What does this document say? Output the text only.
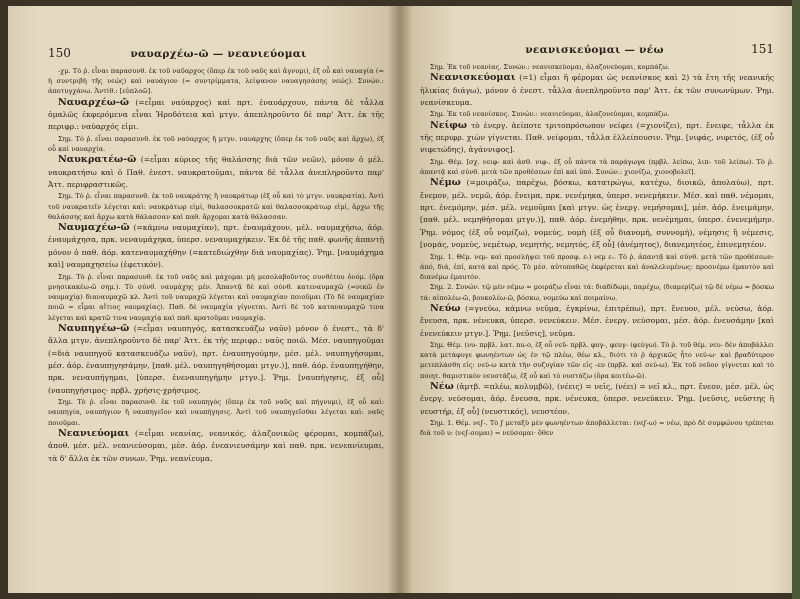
150	ναυαρχέω-ῶ — νεανιεύομαι

-χμ. Τὸ ῥ. εἶναι παρασυνθ. ἐκ τοῦ ναῦαρχος (ὅπερ ἐκ τοῦ ναῦς καὶ ἄγνυμι), ἐξ οὗ καὶ ναυαγία (= ἡ συντριβὴ τῆς νεώς) καὶ ναυάγιον (= συντρίμματα, λείψανον ναυαγησάσης νεώς). Συνών.: ἀποτυγχάνω. Ἀντίθ.: [εὐπλοῶ].

Ναυαρχέω-ῶ (=εἶμαι ναύαρχος) καὶ πρτ. ἐναυάρχουν, πάντα δὲ τἆλλα ὁμαλῶς ἐκφερόμενα εἶναι Ἡροδότεια καὶ μτγν. ἀπεπληροῦντο δὲ παρ' Ἀττ. ἐκ τῆς περιφρ.: ναύαρχός εἰμι.

Σημ. Τὸ ῥ. εἶναι παρασυνθ. ἐκ τοῦ ναύαρχος ἢ μτγν. ναυάρχης (ὅπερ ἐκ τοῦ ναῦς καὶ ἄρχω), ἐξ οὗ καὶ ναυαρχία.

Ναυκρατέω-ῶ (=εἶμαι κύριος τῆς θαλάσσης διὰ τῶν νεῶν), μόνον ὁ μέλ. ναυκρατήσω καὶ ὁ Παθ. ἐνεστ. ναυκρατοῦμαι, πάντα δὲ τἆλλα ἀνεπληροῦντο παρ' Ἀττ. περιφραστικῶς.

Σημ. Τὸ ῥ. εἶναι παρασυνθ. ἐκ τοῦ ναυκράτης ἢ ναυκράτωρ (ἐξ οὗ καὶ τὸ μτγν. ναυκρατία). Ἀντὶ τοῦ ναυκρατεῖν λέγεται καὶ: ναυκράτωρ εἰμί, θαλασσοκρατῶ καὶ θαλασσοκράτωρ εἰμί, ἄρχω τῆς θαλάσσης καὶ ἄρχω κατὰ θάλασσαν καὶ παθ. ἄρχομαι κατὰ θάλασσαν.

Ναυμαχέω-ῶ (=κάμνω ναυμαχίαν), πρτ. ἐναυμάχουν, μέλ. ναυμαχήσω, ἀόρ. ἐναυμάχησα, πρκ. νεναυμάχηκα, ὑπερσ. νεναυμαχήκειν. Ἐκ δὲ τῆς παθ. φωνῆς ἀπαντῇ μόνον ὁ παθ. ἀόρ. κατεναυμαχήθην (=κατεδιώχθην διὰ ναυμαχίας). Ῥημ. [ναυμάχημα καὶ] ναυμαχησείω (ἐφετικόν).

Σημ. Τὸ ῥ. εἶναι παρασυνθ. ἐκ τοῦ ναῦς καὶ μάχομαι μὴ μεσολαβοῦντος συνθέτου ὀνόμ. (ὅρα μνησικακέω-ῶ σημ.). Τὸ σύνθ. ναυμάχης μέν. Ἀπαντᾷ δὲ καὶ σύνθ. κατεναυμαχῶ (=νικῶ ἐν ναυμαχίᾳ) διαναυμαχῶ κλ. Ἀντὶ τοῦ ναυμαχῶ λέγεται καὶ ναυμαχίαν ποιοῦμαι (Τὸ δὲ ναυμαχίαν ποιῶ = εἶμαι αἴτιος ναυμαχίας). Παθ. δὲ ναυμαχία γίγνεται. Ἀντὶ δὲ τοῦ καταναυμαχῶ τινα λέγεται καὶ κρατῶ τινα ναυμαχίᾳ καὶ παθ. κρατοῦμαι ναυμαχίᾳ.

Ναυπηγέω-ῶ (=εἶμαι ναυπηγός, κατασκευάζω ναῦν) μόνον ὁ ἐνεστ., τὰ δ' ἄλλα μτγν. ἀνεπληροῦντο δὲ παρ' Ἀττ. ἐκ τῆς περιφρ.: ναῦς ποιῶ. Μέσ. ναυπηγοῦμαι (=διὰ ναυπηγοῦ κατασκευάζω ναῦν), πρτ. ἐναυπηγούμην, μέσ. μέλ. ναυπηγήσομαι, μέσ. ἀόρ. ἐναυπηγησάμην, [παθ. μέλ. ναυπηγηθήσομαι μτγν.)], παθ. ἀόρ. ἐναυπηγήθην, πρκ. νεναυπήγημαι, [ὑπερσ. ἐνεναυπηγήμην μτγν.]. Ῥημ. [ναυπήγησις, ἐξ οὗ] (ναυπηγήσιμος· πρβλ. χρήσις-χρήσιμος.

Σημ. Τὸ ῥ. εἶναι παρασυνθ. ἐκ τοῦ ναυπηγός (ὅπερ ἐκ τοῦ ναῦς καὶ πήγνυμι), ἐξ οὗ καὶ: ναυπηγία, ναυπήγιον ἢ ναυπηγεῖον καὶ ναυπήγησις. Ἀντὶ τοῦ ναυπηγεῖσθαι λέγεται καὶ: ναῦς ποιοῦμαι.

Νεανιεύομαι (=εἶμαι νεανίας, νεανικός, ἀλαζονικῶς φέρομαι, κομπάζω), ἀποθ. μέσ. μέλ. νεανιεύσομαι, μέσ. ἀόρ. ἐνεανιευσάμην καὶ παθ. πρκ. νενεανίευμαι, τὰ δ' ἄλλα ἐκ τῶν συνων. Ῥημ. νεανίευμα.

νεανισκεύομαι — νέω	151

Σημ. Ἐκ τοῦ νεανίας. Συνών.: νεανισκεύομαι, ἀλαζονεύομαι, κομπάζω.

Νεανισκεύομαι (=1) εἶμαι ἢ φέρομαι ὡς νεανίσκος καὶ 2) τὰ ἔτη τῆς νεανικῆς ἡλικίας διάγω), μόνον ὁ ἐνεστ. τἆλλα ἀνεπληροῦντο παρ' Ἀττ. ἐκ τῶν συνωνύμων. Ῥημ. νεανίσκευμα.

Σημ. Ἐκ τοῦ νεανίσκος. Συνών.: νεανιεύομαι, ἀλαζονεύομαι, κομπάζω.

Νείφω τὸ ἐνεργ. ἀείποτε τριτοπρόσωπον νείφει (=χιονίζει), πρτ. ἔνειφε, τἆλλα ἐκ τῆς περιφρ. χιὼν γίγνεται. Παθ. νείφομαι, τἆλλα ἐλλείπουσιν. Ῥημ. [νιφάς, νιφετός, (ἐξ οὗ νιφετώδης), ἀγάννιφος].

Σημ. Θέμ. [σχ. νειφ- καὶ ἀσθ. νιφ-. ἐξ οὗ πάντα τὰ παράγωγα (πρβλ. λείπω, λιπ- τοῦ λείπω). Τὸ ῥ. ἀπαντᾷ καὶ σύνθ. μετὰ τῶν προθέσεων ἐπὶ καὶ ὑπό. Συνών.: χιονίζω, χιονοβολεῖ].

Νέμω (=μοιράζω, παρέχω, βόσκω, κατατρώγω, κατέχω, διοικῶ, ἀπολαύω), πρτ. ἔνεμον, μέλ. νεμῶ, ἀόρ. ἔνειμα, πρκ. νενέμηκα, ὑπερσ. νενεμήκειν. Μέσ. καὶ παθ. νέμομαι, πρτ. ἐνεμόμην, μέσ. μέλ. νεμοῦμαι [καὶ μτγν. ὡς ἐνεργ. νεμήσομαι], μέσ. ἀόρ. ἐνειμάμην, [παθ. μέλ. νεμηθήσομαι μτγν.)], παθ. ἀόρ. ἐνεμήθην, πρκ. νενέμημαι, ὑπερσ. ἐνενεμήμην. Ῥημ. νόμος (ἐξ οὗ νομίζω), νομεύς, νομὴ (ἐξ οὗ διανομή, συννομή), νέμησις ἢ νέμεσις, [νομάς, νομεύς, νεμέτωρ, νεμητής, νεμητός, ἐξ οὗ] (ἀνέμητος), διανεμητέος, ἐπινεμητέον.

Σημ. 1. Θέμ. νεμ- καὶ προσλήψει τοῦ προσφ. ε-) νεμ ε-. Τὸ ῥ. ἀπαντᾷ καὶ σύνθ. μετὰ τῶν προθέσεων: ἀπό, διά, ἐπί, κατά καὶ πρός. Τὸ μέσ. αὐτοπαθῶς ἐκφέρεται καὶ ἀναλελυμένως: προσνέμω ἐμαυτὸν καὶ διανέμω ἐμαυτόν.

Σημ. 2. Συνών. τῷ μὲν νέμω = μοιράζω εἶναι τά: διαδίδωμι, παρέχω, (διαμερίζω) τῷ δὲ νέμω = βόσκω τά: αἰπολέω-ῶ, βουκολέω-ῶ, βόσκω, νομεύω καὶ ποιμαίνω.

Νεύω (=γνεύω, κάμνω νεῦμα, ἐγκρίνω, ἐπιτρέπω), πρτ. ἔνευον, μέλ. νεύσω, ἀόρ. ἔνευσα, πρκ. νένευκα, ὑπερσ. νενεύκειν. Μέσ. ἐνεργ. νεύσομαι, μέσ. ἀόρ. ἐνευσάμην [καὶ ἐνενεύκειν μτγν.]. Ῥημ. [νεῦσις], νεῦμα.

Σημ. Θέμ. (νυ- πρβλ. λατ. nu-o, ἐξ οὗ νεῦ- πρβλ. φυγ-, φευγ- (φεύγω). Τὸ ῥ. τοῦ θέμ. νευ- δὲν ἀποβάλλει κατὰ μετάφυγε φωνηέντων ὡς ἐν τῷ πλέω, θέω κλ., διότι τὸ ῥ ἀρχικῶς ἦτο νεύ-ω· καὶ βραδύτερον μετεπλάσθη εἰς: νεύ-ω κατὰ τὴν συζυγίαν τῶν εἰς -ευ (πρβλ. καὶ σεύ-ω). Ἐκ τοῦ νεῦον γίγνεται καὶ τὸ ποιητ. θαμιστικὸν νευστάζω, ἐξ οὗ καὶ τὸ νυστάζω (ὅρα κοιτέω-ῶ).

Νέω (ἀμτβ. =πλέω, κολυμβῶ), (νέεις) = νεῖς, (νέει) = νεῖ κλ., πρτ. ἔνεον, μέσ. μέλ. ὡς ἐνεργ. νεύσομαι, ἀόρ. ἔνευσα, πρκ. νένευκα, ὑπερσ. νενεύκειν. Ῥημ. [νεῦσις, νεῦστης ἢ νευστήρ, ἐξ οὗ] (νευστικός), νευστέον.

Σημ. 1. Θέμ. νεϝ-. Τὸ ϝ μεταξὺ μὲν φωνηέντων ἀποβάλλεται: (νεϝ-ω) = νέω, πρὸ δὲ συμφώνου τρέπεται διὰ τοῦ υ: (νεϝ-σομαι) = νεύσομαι· ὅθεν
